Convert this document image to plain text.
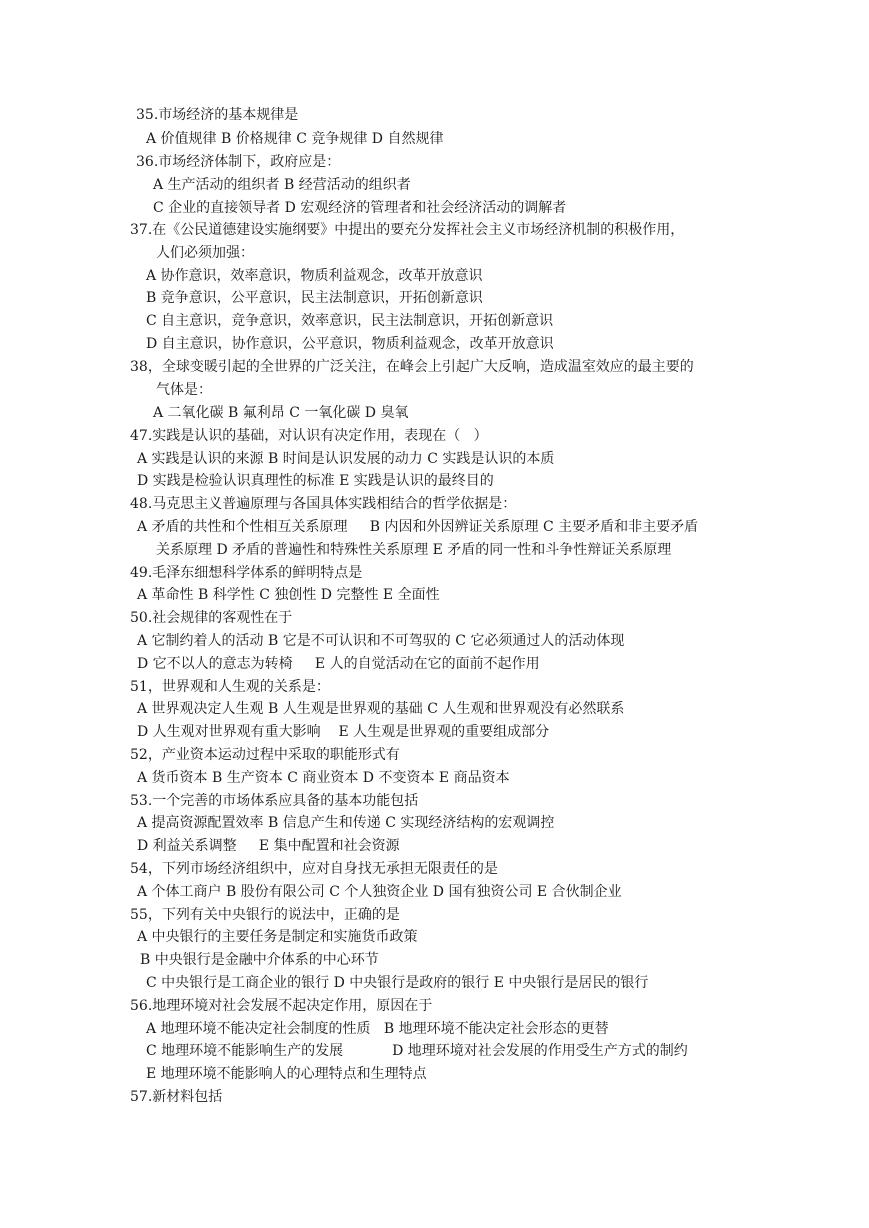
35.市场经济的基本规律是
A 价值规律 B 价格规律 C 竞争规律 D 自然规律
36.市场经济体制下，政府应是：
A 生产活动的组织者 B 经营活动的组织者
C 企业的直接领导者 D 宏观经济的管理者和社会经济活动的调解者
37.在《公民道德建设实施纲要》中提出的要充分发挥社会主义市场经济机制的积极作用，
人们必须加强：
A 协作意识，效率意识，物质利益观念，改革开放意识
B 竞争意识，公平意识，民主法制意识，开拓创新意识
C 自主意识，竞争意识，效率意识，民主法制意识，开拓创新意识
D 自主意识，协作意识，公平意识，物质利益观念，改革开放意识
38，全球变暖引起的全世界的广泛关注，在峰会上引起广大反响，造成温室效应的最主要的
气体是：
A 二氧化碳 B 氟利昂 C 一氧化碳 D 臭氧
47.实践是认识的基础，对认识有决定作用，表现在（   ）
A 实践是认识的来源 B 时间是认识发展的动力 C 实践是认识的本质
D 实践是检验认识真理性的标准 E 实践是认识的最终目的
48.马克思主义普遍原理与各国具体实践相结合的哲学依据是：
A 矛盾的共性和个性相互关系原理     B 内因和外因辨证关系原理 C 主要矛盾和非主要矛盾
关系原理 D 矛盾的普遍性和特殊性关系原理 E 矛盾的同一性和斗争性辩证关系原理
49.毛泽东细想科学体系的鲜明特点是
A 革命性 B 科学性 C 独创性 D 完整性 E 全面性
50.社会规律的客观性在于
A 它制约着人的活动 B 它是不可认识和不可驾驭的 C 它必须通过人的活动体现
D 它不以人的意志为转椅     E 人的自觉活动在它的面前不起作用
51，世界观和人生观的关系是：
A 世界观决定人生观 B 人生观是世界观的基础 C 人生观和世界观没有必然联系
D 人生观对世界观有重大影响    E 人生观是世界观的重要组成部分
52，产业资本运动过程中采取的职能形式有
A 货币资本 B 生产资本 C 商业资本 D 不变资本 E 商品资本
53.一个完善的市场体系应具备的基本功能包括
A 提高资源配置效率 B 信息产生和传递 C 实现经济结构的宏观调控
D 利益关系调整     E 集中配置和社会资源
54，下列市场经济组织中，应对自身找无承担无限责任的是
A 个体工商户 B 股份有限公司 C 个人独资企业 D 国有独资公司 E 合伙制企业
55，下列有关中央银行的说法中，正确的是
A 中央银行的主要任务是制定和实施货币政策
B 中央银行是金融中介体系的中心环节
C 中央银行是工商企业的银行 D 中央银行是政府的银行 E 中央银行是居民的银行
56.地理环境对社会发展不起决定作用，原因在于
A 地理环境不能决定社会制度的性质   B 地理环境不能决定社会形态的更替
C 地理环境不能影响生产的发展           D 地理环境对社会发展的作用受生产方式的制约
E 地理环境不能影响人的心理特点和生理特点
57.新材料包括
